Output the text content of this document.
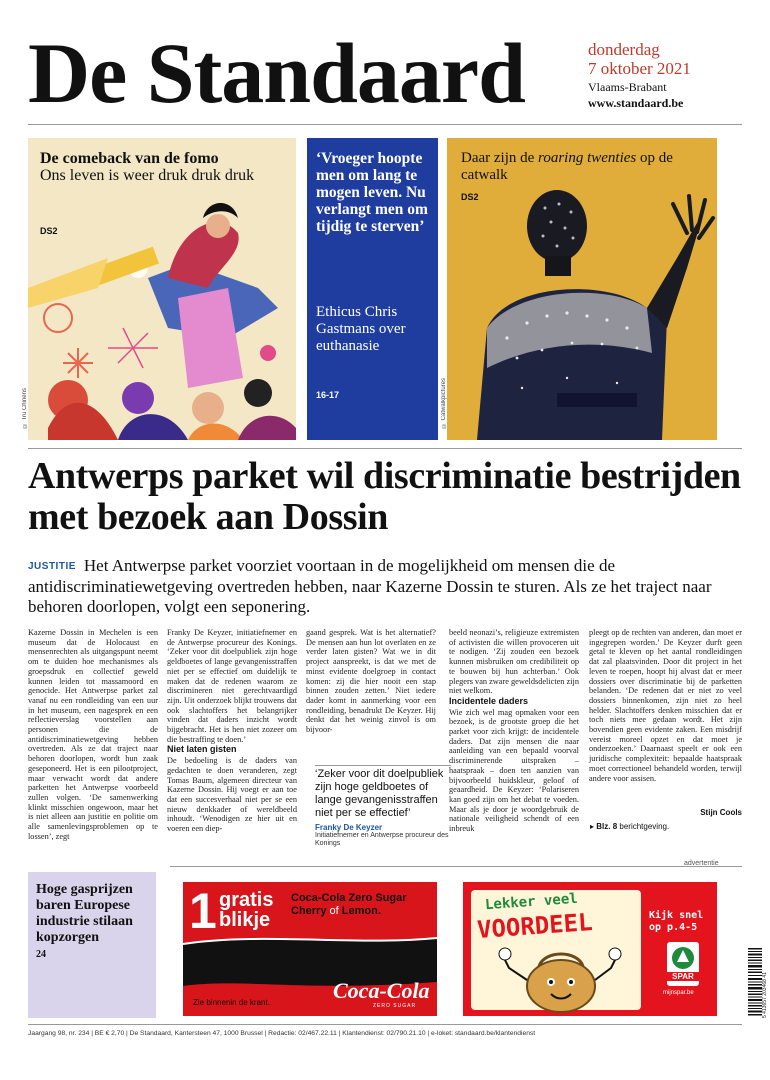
De Standaard	donderdag
7 oktober 2021
Vlaams-Brabant
www.standaard.be
De comeback van de fomo
Ons leven is weer druk druk druk
DS2
© Tru Chinens
‘Vroeger hoopte men om lang te mogen leven. Nu verlangt men om tijdig te sterven’
Ethicus Chris Gastmans over euthanasie
16-17
Daar zijn de roaring twenties op de catwalk
DS2
© Catwalkpictures
Antwerps parket wil discriminatie bestrijden met bezoek aan Dossin

JUSTITIE Het Antwerpse parket voorziet voortaan in de mogelijkheid om mensen die de antidiscriminatiewetgeving overtreden hebben, naar Kazerne Dossin te sturen. Als ze het traject naar behoren doorlopen, volgt een seponering.

Kazerne Dossin in Mechelen is een museum dat de Holocaust en mensenrechten als uitgangspunt neemt om te duiden hoe mechanismes als groepsdruk en collectief geweld kunnen leiden tot massamoord en genocide. Het Antwerpse parket zal vanaf nu een rondleiding van een uur in het museum, een nagesprek en een reflectieverslag voorstellen aan personen die de antidiscriminatiewetgeving hebben overtreden. Als ze dat traject naar behoren doorlopen, wordt hun zaak geseponeerd. Het is een pilootproject, maar verwacht wordt dat andere parketten het Antwerpse voorbeeld zullen volgen. ‘De samenwerking klinkt misschien ongewoon, maar het is niet alleen aan justitie en politie om alle samenlevingsproblemen op te lossen’, zegt

Franky De Keyzer, initiatiefnemer en de Antwerpse procureur des Konings. ‘Zeker voor dit doelpubliek zijn hoge geldboetes of lange gevangenisstraffen niet per se effectief om duidelijk te maken dat de redenen waarom ze discrimineren niet gerechtvaardigd zijn. Uit onderzoek blijkt trouwens dat ook slachtoffers het belangrijker vinden dat daders inzicht wordt bijgebracht. Het is hen niet zozeer om die bestraffing te doen.’

Niet laten gisten

De bedoeling is de daders van gedachten te doen veranderen, zegt Tomas Baum, algemeen directeur van Kazerne Dossin. Hij voegt er aan toe dat een succesverhaal niet per se een nieuw denkkader of wereldbeeld inhoudt. ‘Wenodigen ze hier uit en voeren een diep-

gaand gesprek. Wat is het alternatief? De mensen aan hun lot overlaten en ze verder laten gisten? Wat we in dit project aanspreekt, is dat we met de minst evidente doelgroep in contact komen: zij die hier nooit een stap binnen zouden zetten.’ Niet iedere dader komt in aanmerking voor een rondleiding, benadrukt De Keyzer. Hij denkt dat het weinig zinvol is om bijvoor-

‘Zeker voor dit doelpubliek zijn hoge geldboetes of lange gevangenisstraffen niet per se effectief’
Franky De Keyzer
Initiatiefnemer en Antwerpse procureur des Konings

beeld neonazi’s, religieuze extremisten of activisten die willen provoceren uit te nodigen. ‘Zij zouden een bezoek kunnen misbruiken om credibiliteit op te bouwen bij hun achterban.’ Ook plegers van zware geweldsdelicten zijn niet welkom.

Incidentele daders

Wie zich wel mag opmaken voor een bezoek, is de grootste groep die het parket voor zich krijgt: de incidentele daders. Dat zijn mensen die naar aanleiding van een bepaald voorval discriminerende uitspraken – haatspraak – doen ten aanzien van bijvoorbeeld huidskleur, geloof of geaardheid. De Keyzer: ‘Polariseren kan goed zijn om het debat te voeden. Maar als je door je woordgebruik de nationale veiligheid schendt of een inbreuk

pleegt op de rechten van anderen, dan moet er ingegrepen worden.’ De Keyzer durft geen getal te kleven op het aantal rondleidingen dat zal plaatsvinden. Door dit project in het leven te roepen, hoopt hij alvast dat er meer dossiers over discriminatie bij de parketten belanden. ‘De redenen dat er niet zo veel dossiers binnenkomen, zijn niet zo heel helder. Slachtoffers denken misschien dat er toch niets mee gedaan wordt. Het zijn bovendien geen evidente zaken. Een misdrijf vereist moreel opzet en dat moet je onderzoeken.’ Daarnaast speelt er ook een juridische complexiteit: bepaalde haatspraak moet correctioneel behandeld worden, terwijl andere voor assisen.

Stijn Cools
▸ Blz. 8 berichtgeving.
advertentie
Hoge gasprijzen baren Europese industrie stilaan kopzorgen
24
1 gratis
blikje
Coca-Cola Zero Sugar
Cherry of Lemon.
Zie binnenin de krant.	Coca-Cola
ZERO SUGAR
Lekker veel
VOORDEEL	Kijk snel
op p.4-5
SPAR
mijnspar.be	5 413657 203468 41
Jaargang 98, nr. 234 | BE € 2,70 | De Standaard, Kantersteen 47, 1000 Brussel | Redactie: 02/467.22.11 | Klantendienst: 02/790.21.10 | e-loket: standaard.be/klantendienst
